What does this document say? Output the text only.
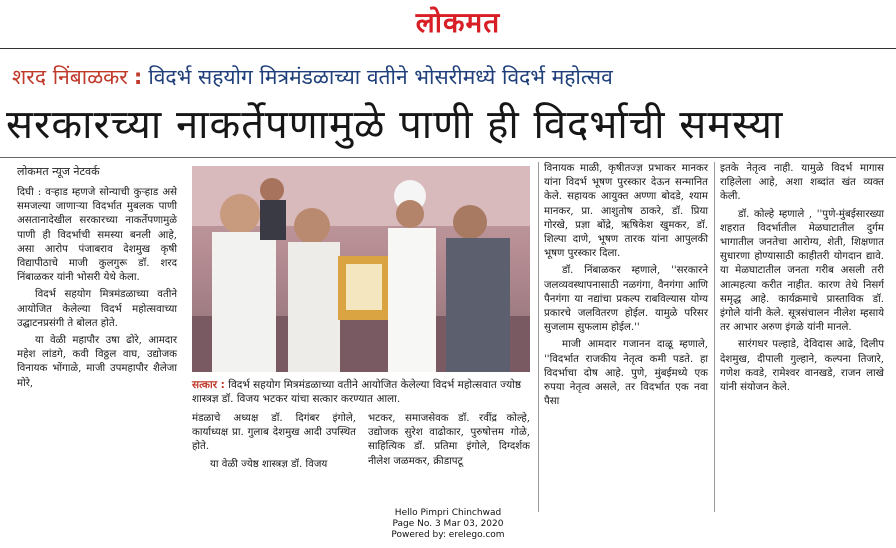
लोकमत
शरद निंबाळकर : विदर्भ सहयोग मित्रमंडळाच्या वतीने भोसरीमध्ये विदर्भ महोत्सव
सरकारच्या नाकर्तेपणामुळे पाणी ही विदर्भाची समस्या
लोकमत न्यूज नेटवर्क

दिघी : वऱ्हाड म्हणजे सोन्याची कुऱ्हाड असे समजल्या जाणाऱ्या विदर्भात मुबलक पाणी असतानादेखील सरकारच्या नाकर्तेपणामुळे पाणी ही विदर्भाची समस्या बनली आहे, असा आरोप पंजाबराव देशमुख कृषी विद्यापीठाचे माजी कुलगुरू डॉ. शरद निंबाळकर यांनी भोसरी येथे केला.

विदर्भ सहयोग मित्रमंडळाच्या वतीने आयोजित केलेल्या विदर्भ महोत्सवाच्या उद्घाटनप्रसंगी ते बोलत होते.

या वेळी महापौर उषा ढोरे, आमदार महेश लांडगे, कवी विठ्ठल वाघ, उद्योजक विनायक भोंगाळे, माजी उपमहापौर शैलेजा मोरे,	सत्कार : विदर्भ सहयोग मित्रमंडळाच्या वतीने आयोजित केलेल्या विदर्भ महोत्सवात ज्योष्ठ शास्त्रज्ञ डॉ. विजय भटकर यांचा सत्कार करण्यात आला.

मंडळाचे अध्यक्ष डॉ. दिगंबर इंगोले, कार्याध्यक्ष प्रा. गुलाब देशमुख आदी उपस्थित होते.

या वेळी ज्येष्ठ शास्त्रज्ञ डॉ. विजय

भटकर, समाजसेवक डॉ. रवींद्र कोल्हे, उद्योजक सुरेश वाढोकार, पुरुषोत्तम गोळे, साहित्यिक डॉ. प्रतिमा इंगोले, दिग्दर्शक नीलेश जळमकर, क्रीडापटू

विनायक माळी, कृषीतज्ज्ञ प्रभाकर मानकर यांना विदर्भ भूषण पुरस्कार देऊन सन्मानित केले. सहायक आयुक्त अण्णा बोदडे, श्याम मानकर, प्रा. आशुतोष ठाकरे, डॉ. प्रिया गोरखे, प्रज्ञा बोंद्रे, ऋषिकेश खुमकर, डॉ. शिल्पा दाणे, भूषण तारक यांना आपुलकी भूषण पुरस्कार दिला.

डॉ. निंबाळकर म्हणाले, ''सरकारने जलव्यवस्थापनासाठी नळगंगा, वैनगंगा आणि पैनगंगा या नद्यांचा प्रकल्प राबविल्यास योग्य प्रकारचे जलवितरण होईल. यामुळे परिसर सुजलाम सुफलाम होईल.''

माजी आमदार गजानन दाळू म्हणाले, ''विदर्भात राजकीय नेतृत्व कमी पडते. हा विदर्भाचा दोष आहे. पुणे, मुंबईमध्ये एक रुपया नेतृत्व असले, तर विदर्भात एक नवा पैसा

इतके नेतृत्व नाही. यामुळे विदर्भ मागास राहिलेला आहे, अशा शब्दांत खंत व्यक्त केली.

डॉ. कोल्हे म्हणाले , ''पुणे-मुंबईसारख्या शहरात विदर्भातील मेळघाटातील दुर्गम भागातील जनतेचा आरोग्य, शेती, शिक्षणात सुधारणा होण्यासाठी काहीतरी योगदान द्यावे. या मेळघाटातील जनता गरीब असली तरी आत्महत्या करीत नाहीत. कारण तेथे निसर्ग समृद्ध आहे. कार्यक्रमाचे प्रास्ताविक डॉ. इंगोले यांनी केले. सूत्रसंचालन नीलेश म्हसाये तर आभार अरुण इंगळे यांनी मानले.

सारंगधर पल्हाडे, देविदास आढे, दिलीप देशमुख, दीपाली गुल्हाने, कल्पना तिजारे, गणेश कवडे, रामेश्वर वानखडे, राजन लाखे यांनी संयोजन केले.

Hello Pimpri Chinchwad
Page No. 3 Mar 03, 2020
Powered by: erelego.com
